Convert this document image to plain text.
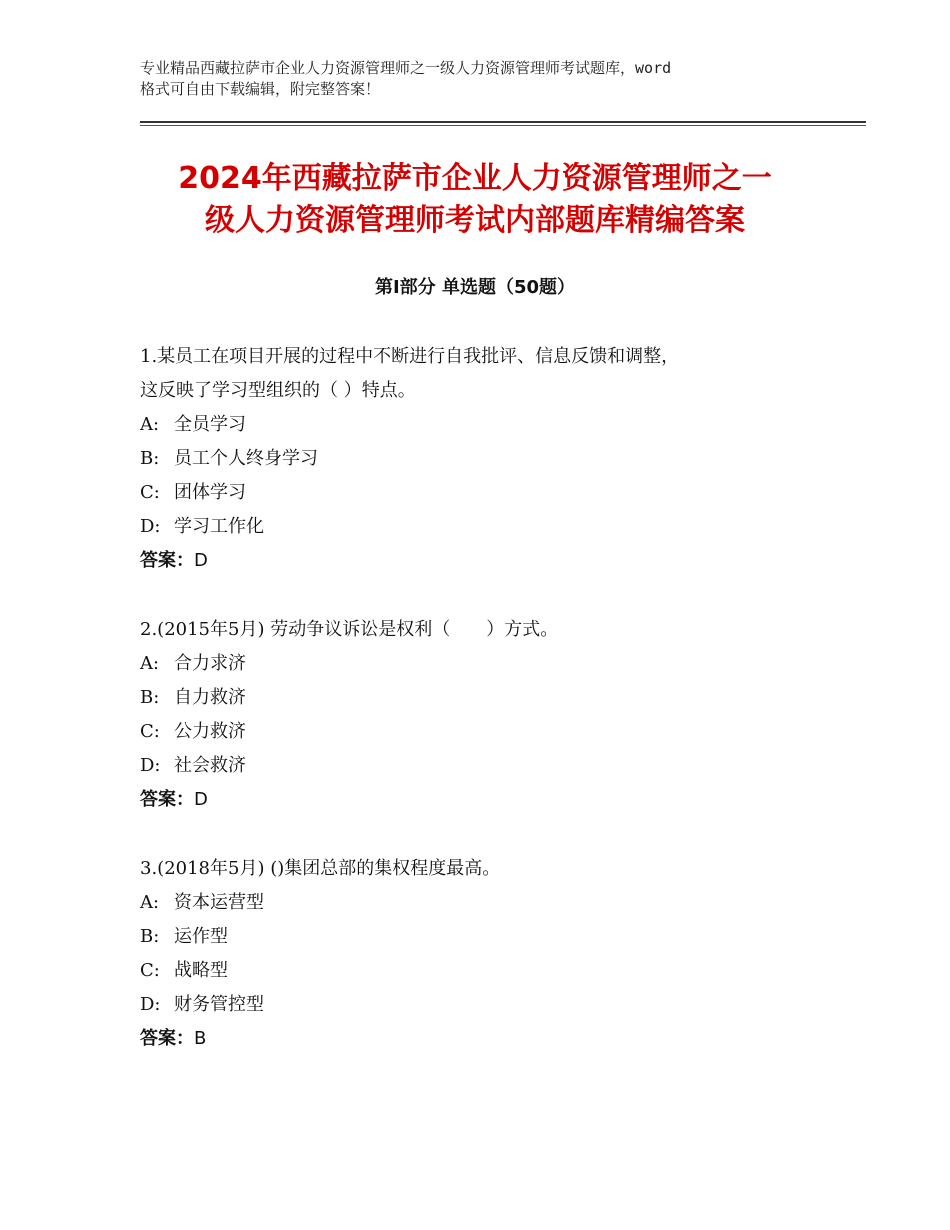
专业精品西藏拉萨市企业人力资源管理师之一级人力资源管理师考试题库，word
格式可自由下载编辑，附完整答案！
2024年西藏拉萨市企业人力资源管理师之一
级人力资源管理师考试内部题库精编答案
第Ⅰ部分 单选题（50题）

1.某员工在项目开展的过程中不断进行自我批评、信息反馈和调整，

这反映了学习型组织的（ ）特点。

A: 全员学习

B: 员工个人终身学习

C: 团体学习

D: 学习工作化

答案：D

2.(2015年5月) 劳动争议诉讼是权利（　　）方式。

A: 合力求济

B: 自力救济

C: 公力救济

D: 社会救济

答案：D

3.(2018年5月) ()集团总部的集权程度最高。

A: 资本运营型

B: 运作型

C: 战略型

D: 财务管控型

答案：B
